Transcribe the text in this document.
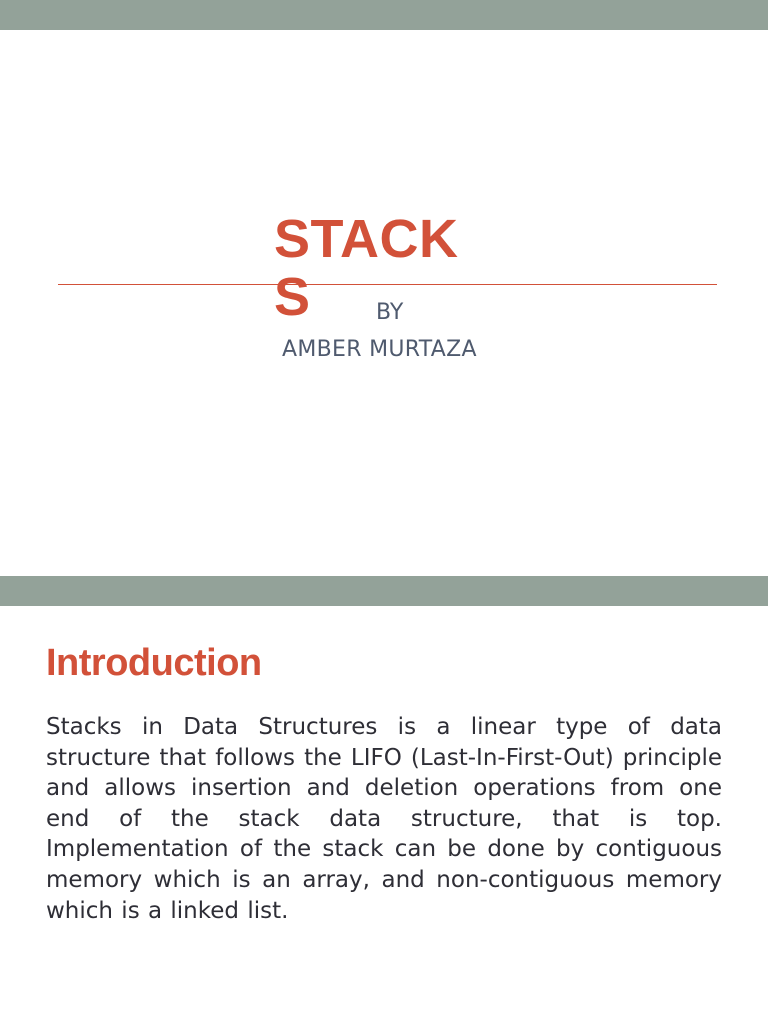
STACKS	BY
AMBER MURTAZA
Introduction
Stacks in Data Structures is a linear type of data structure that follows the LIFO (Last-In-First-Out) principle and allows insertion and deletion operations from one end of the stack data structure, that is top. Implementation of the stack can be done by contiguous memory which is an array, and non-contiguous memory which is a linked list.
